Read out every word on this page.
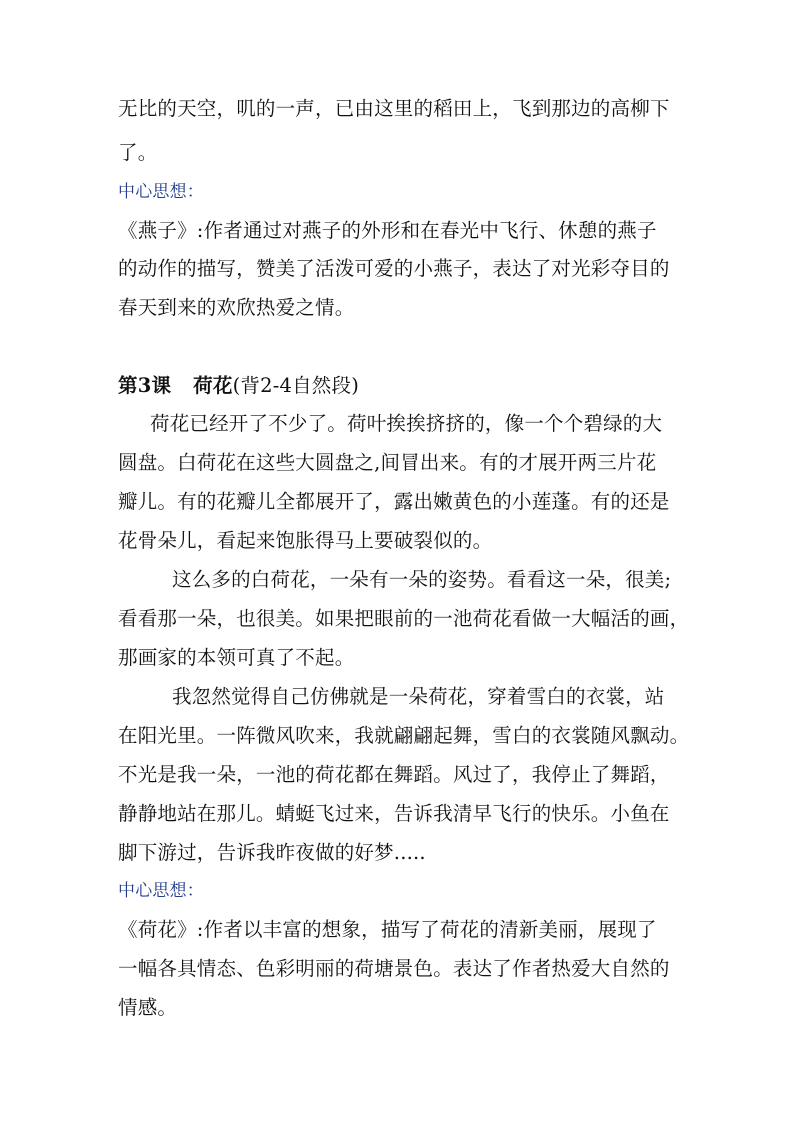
无比的天空，叽的一声，已由这里的稻田上，飞到那边的高柳下
了。
中心思想：
《燕子》:作者通过对燕子的外形和在春光中飞行、休憩的燕子
的动作的描写，赞美了活泼可爱的小燕子，表达了对光彩夺目的
春天到来的欢欣热爱之情。
第3课 荷花(背2-4自然段)
荷花已经开了不少了。荷叶挨挨挤挤的，像一个个碧绿的大
圆盘。白荷花在这些大圆盘之,间冒出来。有的才展开两三片花
瓣儿。有的花瓣儿全都展开了，露出嫩黄色的小莲蓬。有的还是
花骨朵儿，看起来饱胀得马上要破裂似的。
这么多的白荷花，一朵有一朵的姿势。看看这一朵，很美;
看看那一朵，也很美。如果把眼前的一池荷花看做一大幅活的画，
那画家的本领可真了不起。
我忽然觉得自己仿佛就是一朵荷花，穿着雪白的衣裳，站
在阳光里。一阵微风吹来，我就翩翩起舞，雪白的衣裳随风飘动。
不光是我一朵，一池的荷花都在舞蹈。风过了，我停止了舞蹈，
静静地站在那儿。蜻蜓飞过来，告诉我清早飞行的快乐。小鱼在
脚下游过，告诉我昨夜做的好梦.....
中心思想：
《荷花》:作者以丰富的想象，描写了荷花的清新美丽，展现了
一幅各具情态、色彩明丽的荷塘景色。表达了作者热爱大自然的
情感。
